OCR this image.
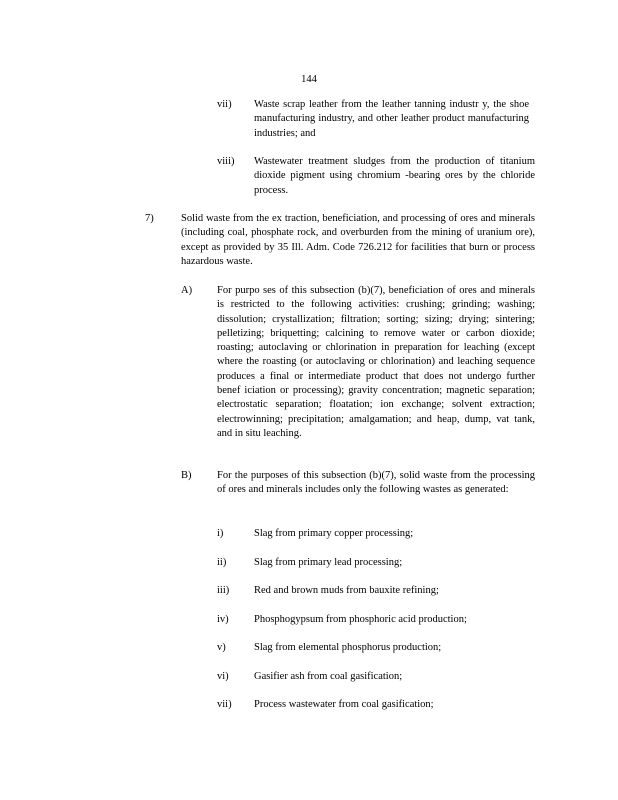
144
vii) Waste scrap leather from the leather tanning industr y, the shoe manufacturing industry, and other leather product manufacturing industries; and
viii) Wastewater treatment sludges from the production of titanium dioxide pigment using chromium -bearing ores by the chloride process.
7)	Solid waste from the ex traction, beneficiation, and processing of ores and minerals (including coal, phosphate rock, and overburden from the mining of uranium ore), except as provided by 35 Ill. Adm. Code 726.212 for facilities that burn or process hazardous waste.
A) For purpo ses of this subsection (b)(7), beneficiation of ores and minerals is restricted to the following activities: crushing; grinding; washing; dissolution; crystallization; filtration; sorting; sizing; drying; sintering; pelletizing; briquetting; calcining to remove water or carbon dioxide; roasting; autoclaving or chlorination in preparation for leaching (except where the roasting (or autoclaving or chlorination) and leaching sequence produces a final or intermediate product that does not undergo further benef iciation or processing); gravity concentration; magnetic separation; electrostatic separation; floatation; ion exchange; solvent extraction; electrowinning; precipitation; amalgamation; and heap, dump, vat tank, and in situ leaching.
B) For the purposes of this subsection (b)(7), solid waste from the processing of ores and minerals includes only the following wastes as generated:
i)	Slag from primary copper processing;
ii)	Slag from primary lead processing;
iii) Red and brown muds from bauxite refining;
iv) Phosphogypsum from phosphoric acid production;
v)	Slag from elemental phosphorus production;
vi) Gasifier ash from coal gasification;
vii) Process wastewater from coal gasification;
